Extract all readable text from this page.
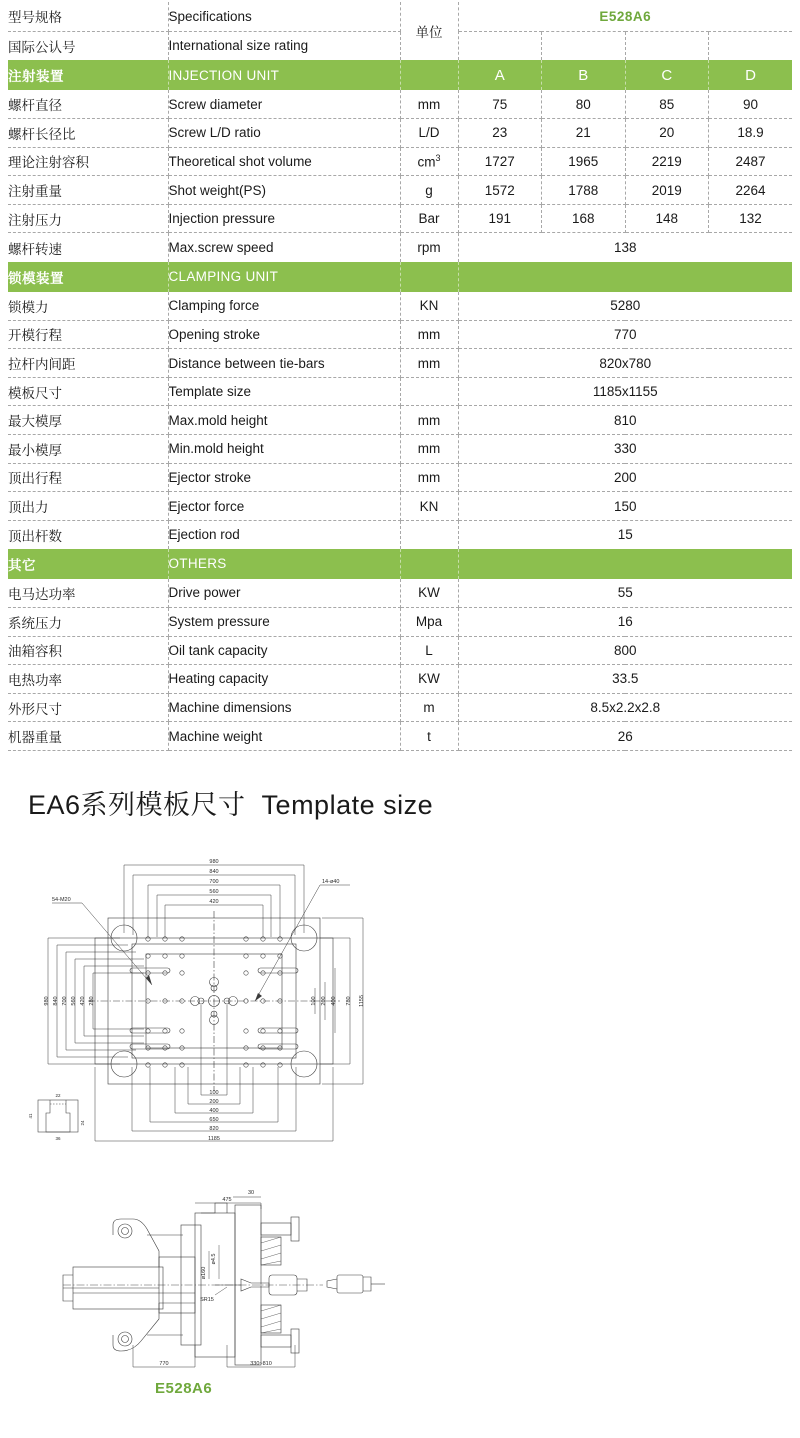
型号规格	Specifications	单位	E528A6			
国际公认号	International size rating					
注射装置	INJECTION UNIT		A	B	C	D
螺杆直径	Screw diameter	mm	75	80	85	90
螺杆长径比	Screw L/D ratio	L/D	23	21	20	18.9
理论注射容积	Theoretical shot volume	$cm^3$	1727	1965	2219	2487
注射重量	Shot weight(PS)	g	1572	1788	2019	2264
注射压力	Injection pressure	Bar	191	168	148	132
螺杆转速	Max.screw speed	rpm	138			
锁模装置	CLAMPING UNIT					
锁模力	Clamping force	KN	5280			
开模行程	Opening stroke	mm	770			
拉杆内间距	Distance between tie-bars	mm	820x780			
模板尺寸	Template size		1185x1155			
最大模厚	Max.mold height	mm	810			
最小模厚	Min.mold height	mm	330			
顶出行程	Ejector stroke	mm	200			
顶出力	Ejector force	KN	150			
顶出杆数	Ejection rod		15			
其它	OTHERS					
电马达功率	Drive power	KW	55			
系统压力	System pressure	Mpa	16			
油箱容积	Oil tank capacity	L	800			
电热功率	Heating capacity	KW	33.5			
外形尺寸	Machine dimensions	m	8.5x2.2x2.8			
机器重量	Machine weight	t	26			
EA6系列模板尺寸 Template size
980
840
700
560
420
100
200
400
650
820
1185
980 840 700 560 420 280	100 200 400 780 1155
54-M20
14-ø40
22
41
24
36
475
30
ø4.5
ø160
SR15
770	330~810
E528A6
